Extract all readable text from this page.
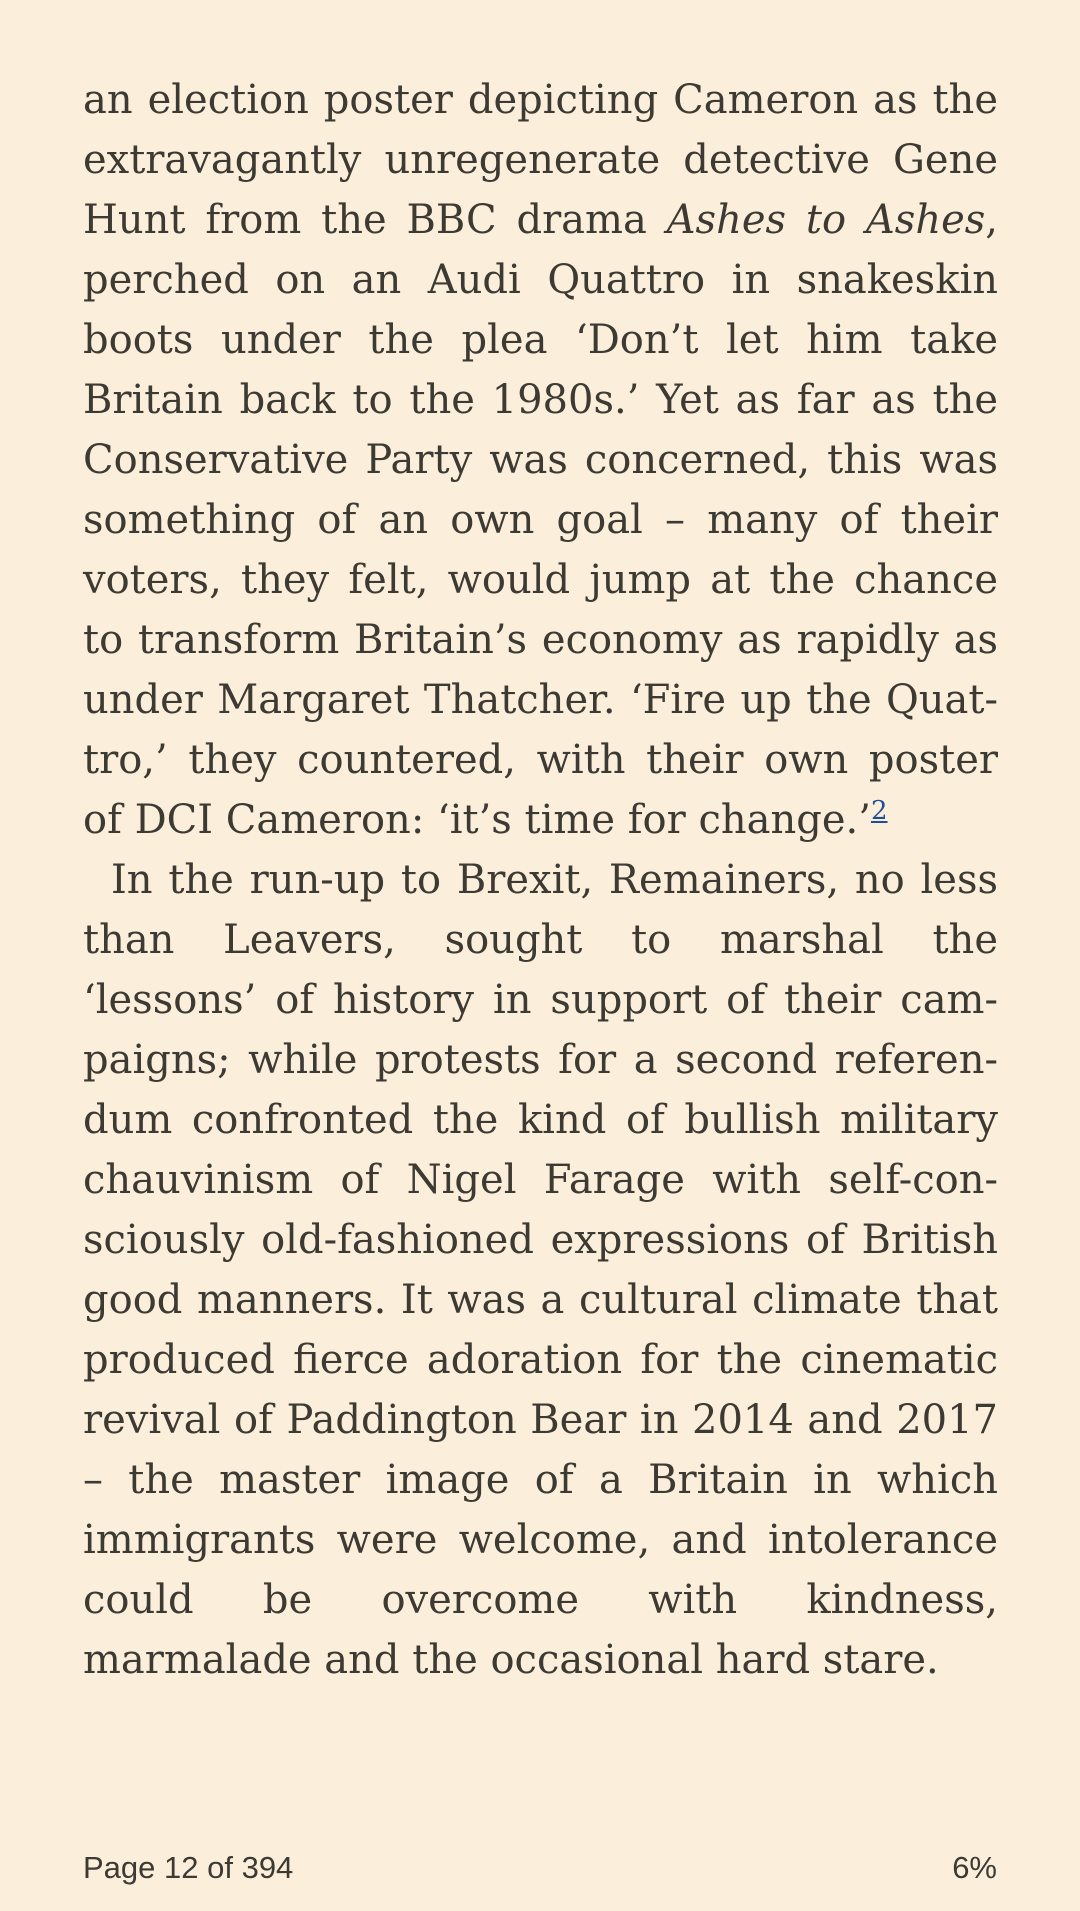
an election poster depicting Cameron as the extravagantly unregenerate detective Gene Hunt from the BBC drama Ashes to Ashes, perched on an Audi Quattro in snakeskin boots under the plea ‘Don’t let him take Britain back to the 1980s.’ Yet as far as the Conservative Party was concerned, this was something of an own goal – many of their voters, they felt, would jump at the chance to transform Britain’s economy as rapidly as under Margaret Thatcher. ‘Fire up the Quattro,’ they countered, with their own poster of DCI Cameron: ‘it’s time for change.’$^2$

In the run-up to Brexit, Remainers, no less than Leavers, sought to marshal the ‘lessons’ of history in support of their campaigns; while protests for a second referendum confronted the kind of bullish military chauvinism of Nigel Farage with self-consciously old-fashioned expressions of British good manners. It was a cultural climate that produced fierce adoration for the cinematic revival of Paddington Bear in 2014 and 2017 – the master image of a Britain in which immigrants were welcome, and intolerance could be overcome with kindness, marmalade and the occasional hard stare.

Page 12 of 394	6%
